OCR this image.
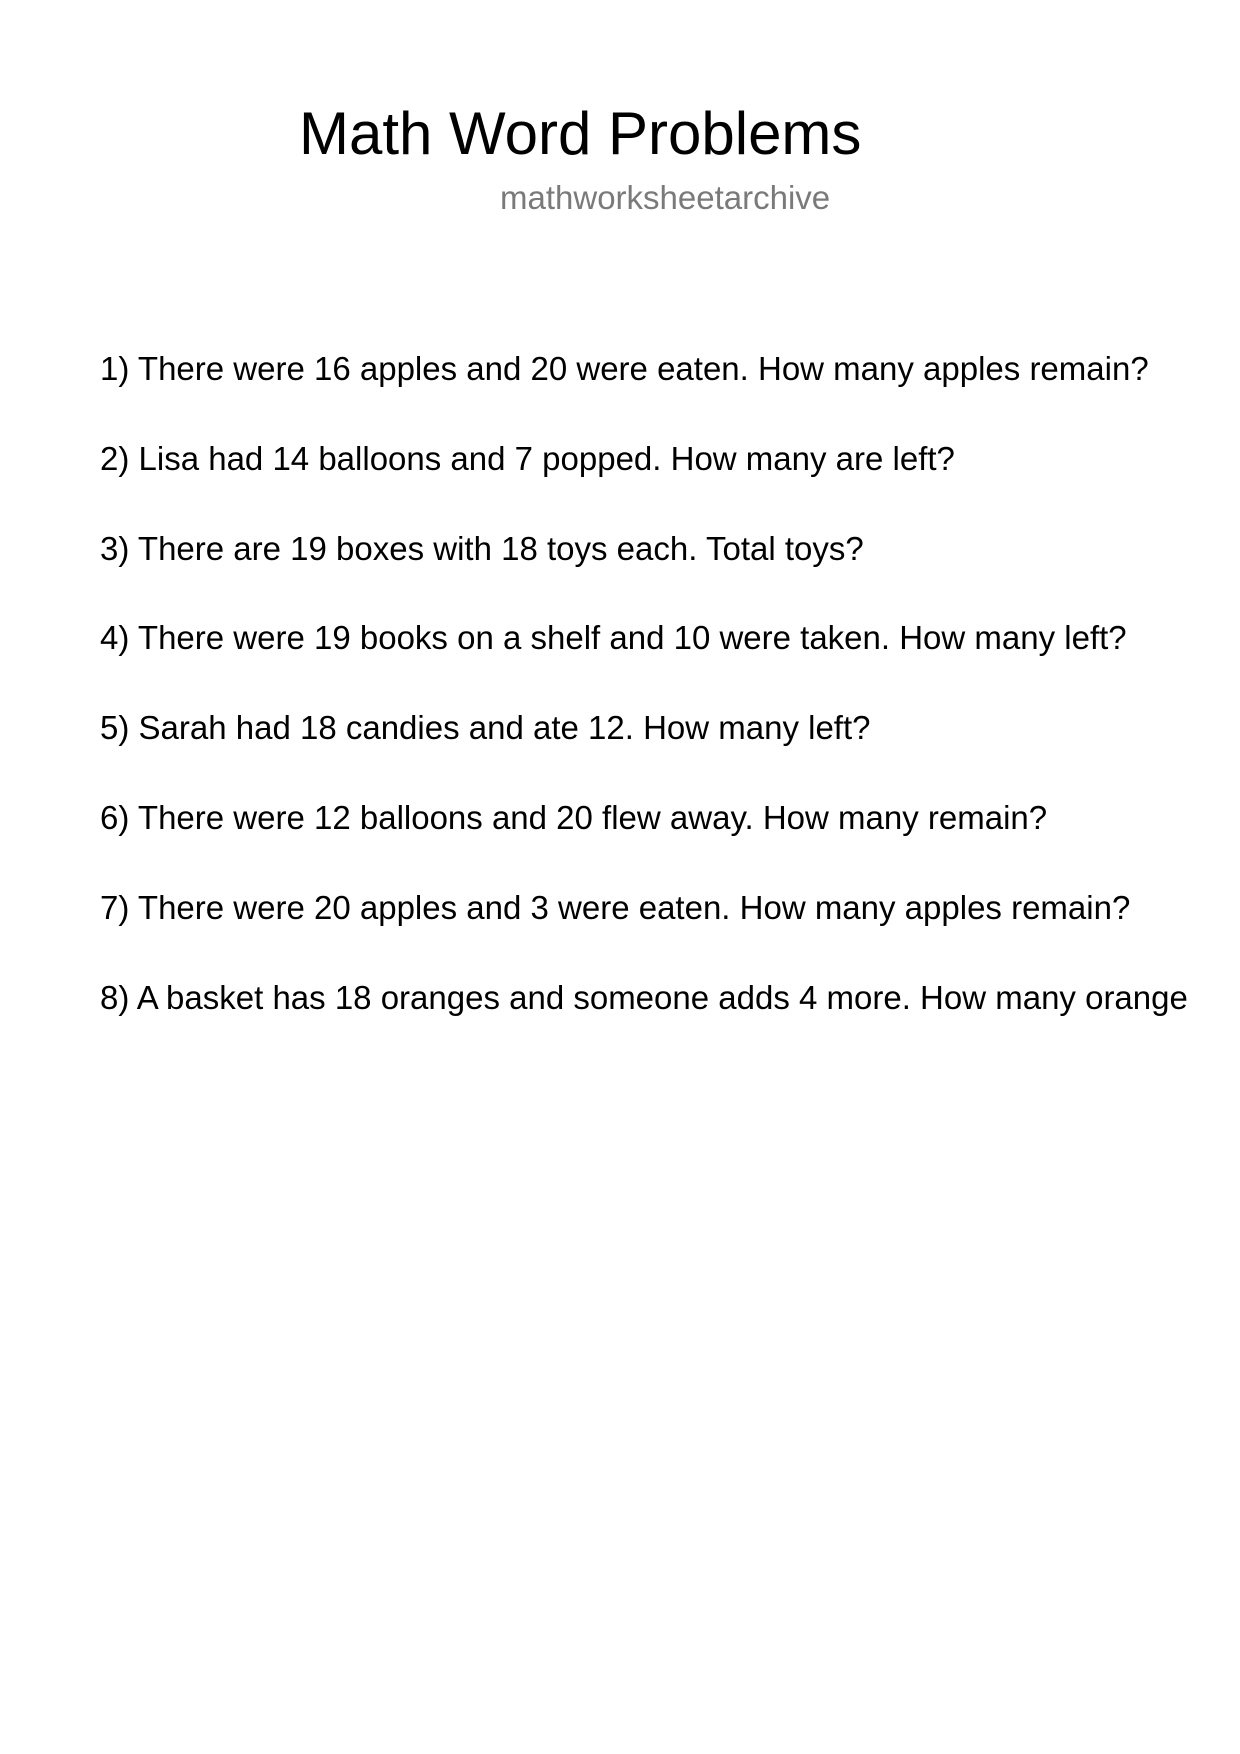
Math Word Problems
mathworksheetarchive
1) There were 16 apples and 20 were eaten. How many apples remain?
2) Lisa had 14 balloons and 7 popped. How many are left?
3) There are 19 boxes with 18 toys each. Total toys?
4) There were 19 books on a shelf and 10 were taken. How many left?
5) Sarah had 18 candies and ate 12. How many left?
6) There were 12 balloons and 20 flew away. How many remain?
7) There were 20 apples and 3 were eaten. How many apples remain?
8) A basket has 18 oranges and someone adds 4 more. How many orange
